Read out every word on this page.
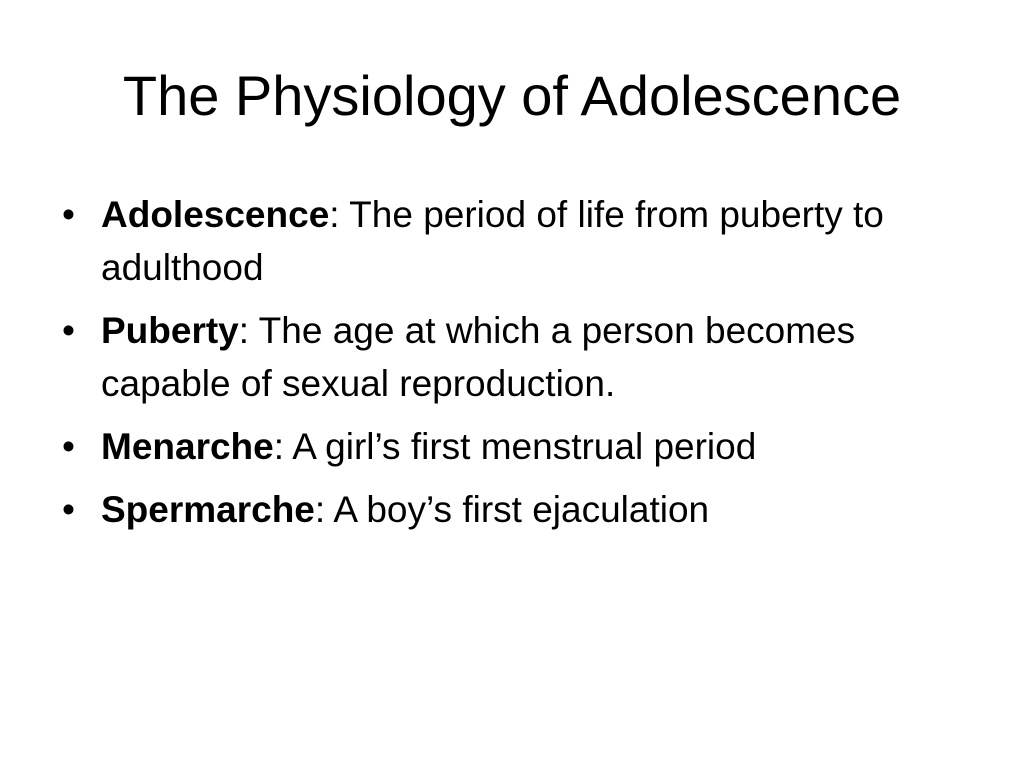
The Physiology of Adolescence
• Adolescence: The period of life from puberty to adulthood
• Puberty: The age at which a person becomes capable of sexual reproduction.
• Menarche: A girl’s first menstrual period
• Spermarche: A boy’s first ejaculation
